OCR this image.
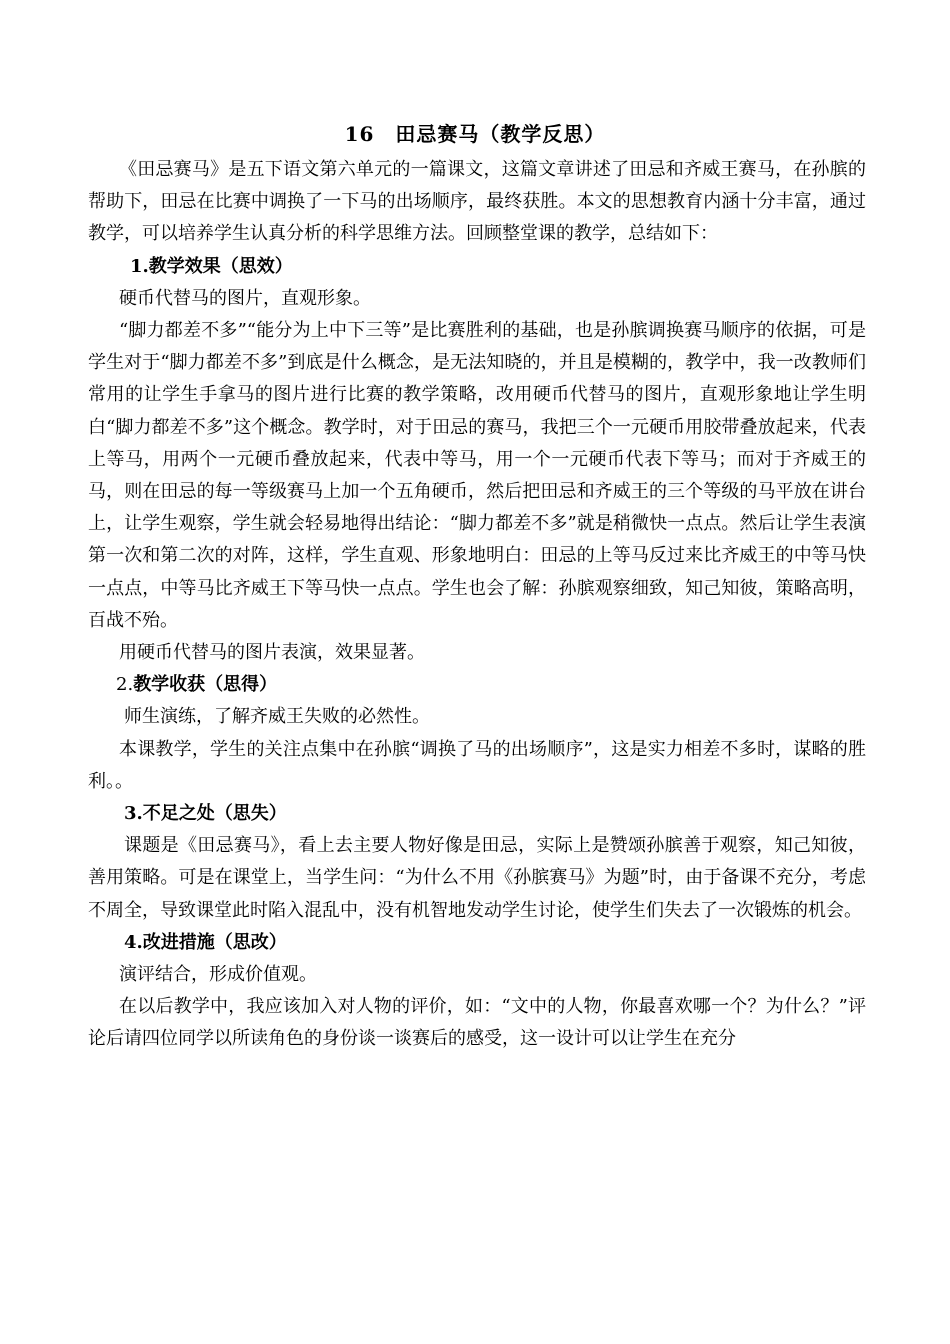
16　田忌赛马（教学反思）

《田忌赛马》是五下语文第六单元的一篇课文，这篇文章讲述了田忌和齐威王赛马，在孙膑的帮助下，田忌在比赛中调换了一下马的出场顺序，最终获胜。本文的思想教育内涵十分丰富，通过教学，可以培养学生认真分析的科学思维方法。回顾整堂课的教学，总结如下：

1.教学效果（思效）

硬币代替马的图片，直观形象。

“脚力都差不多”“能分为上中下三等”是比赛胜利的基础，也是孙膑调换赛马顺序的依据，可是学生对于“脚力都差不多”到底是什么概念，是无法知晓的，并且是模糊的，教学中，我一改教师们常用的让学生手拿马的图片进行比赛的教学策略，改用硬币代替马的图片，直观形象地让学生明白“脚力都差不多”这个概念。教学时，对于田忌的赛马，我把三个一元硬币用胶带叠放起来，代表上等马，用两个一元硬币叠放起来，代表中等马，用一个一元硬币代表下等马；而对于齐威王的马，则在田忌的每一等级赛马上加一个五角硬币，然后把田忌和齐威王的三个等级的马平放在讲台上，让学生观察，学生就会轻易地得出结论：“脚力都差不多”就是稍微快一点点。然后让学生表演第一次和第二次的对阵，这样，学生直观、形象地明白：田忌的上等马反过来比齐威王的中等马快一点点，中等马比齐威王下等马快一点点。学生也会了解：孙膑观察细致，知己知彼，策略高明，百战不殆。

用硬币代替马的图片表演，效果显著。

2.教学收获（思得）

师生演练，了解齐威王失败的必然性。

本课教学，学生的关注点集中在孙膑“调换了马的出场顺序”，这是实力相差不多时，谋略的胜利。。

3.不足之处（思失）

课题是《田忌赛马》，看上去主要人物好像是田忌，实际上是赞颂孙膑善于观察，知己知彼，善用策略。可是在课堂上，当学生问：“为什么不用《孙膑赛马》为题”时，由于备课不充分，考虑不周全，导致课堂此时陷入混乱中，没有机智地发动学生讨论，使学生们失去了一次锻炼的机会。

4.改进措施（思改）

演评结合，形成价值观。

在以后教学中，我应该加入对人物的评价，如：“文中的人物，你最喜欢哪一个？为什么？”评论后请四位同学以所读角色的身份谈一谈赛后的感受，这一设计可以让学生在充分
